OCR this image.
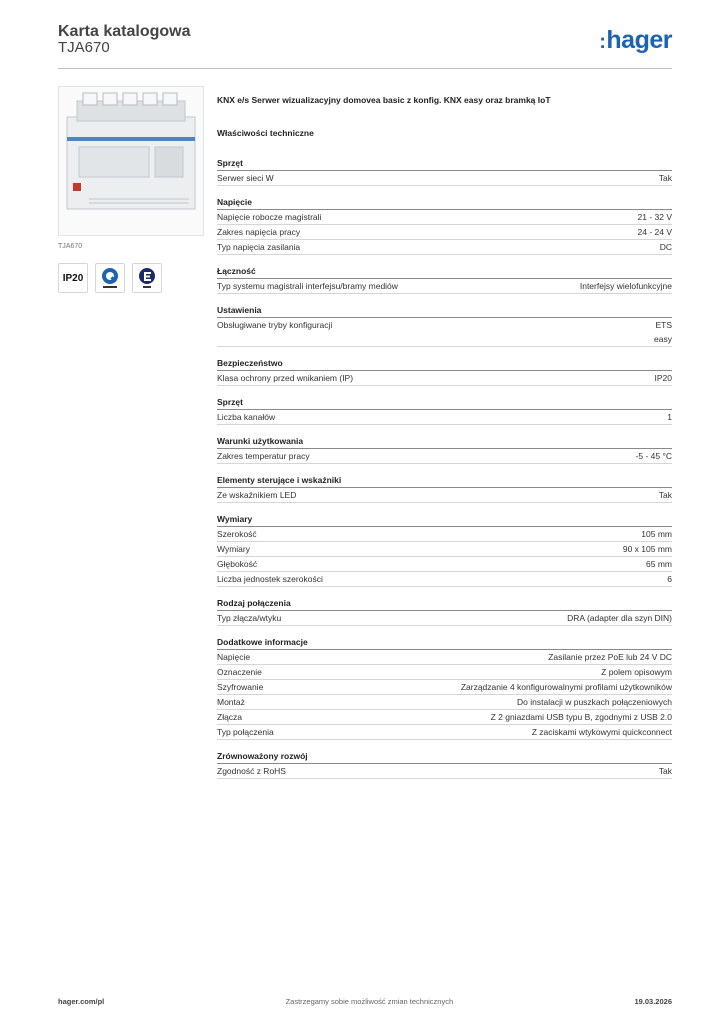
Karta katalogowa
TJA670	:hager
TJA670
IP20
KNX e/s Serwer wizualizacyjny domovea basic z konfig. KNX easy oraz bramką IoT
Właściwości techniczne
Sprzęt
Serwer sieci W	Tak
Napięcie
Napięcie robocze magistrali	21 - 32 V
Zakres napięcia pracy	24 - 24 V
Typ napięcia zasilania	DC
Łączność
Typ systemu magistrali interfejsu/bramy mediów	Interfejsy wielofunkcyjne
Ustawienia
Obsługiwane tryby konfiguracji	ETS
easy
Bezpieczeństwo
Klasa ochrony przed wnikaniem (IP)	IP20
Sprzęt
Liczba kanałów	1
Warunki użytkowania
Zakres temperatur pracy	-5 - 45 °C
Elementy sterujące i wskaźniki
Ze wskaźnikiem LED	Tak
Wymiary
Szerokość	105 mm
Wymiary	90 x 105 mm
Głębokość	65 mm
Liczba jednostek szerokości	6
Rodzaj połączenia
Typ złącza/wtyku	DRA (adapter dla szyn DIN)
Dodatkowe informacje
Napięcie	Zasilanie przez PoE lub 24 V DC
Oznaczenie	Z polem opisowym
Szyfrowanie	Zarządzanie 4 konfigurowalnymi profilami użytkowników
Montaż	Do instalacji w puszkach połączeniowych
Złącza	Z 2 gniazdami USB typu B, zgodnymi z USB 2.0
Typ połączenia	Z zaciskami wtykowymi quickconnect
Zrównoważony rozwój
Zgodność z RoHS	Tak
hager.com/pl	Zastrzegamy sobie możliwość zmian technicznych	19.03.2026
